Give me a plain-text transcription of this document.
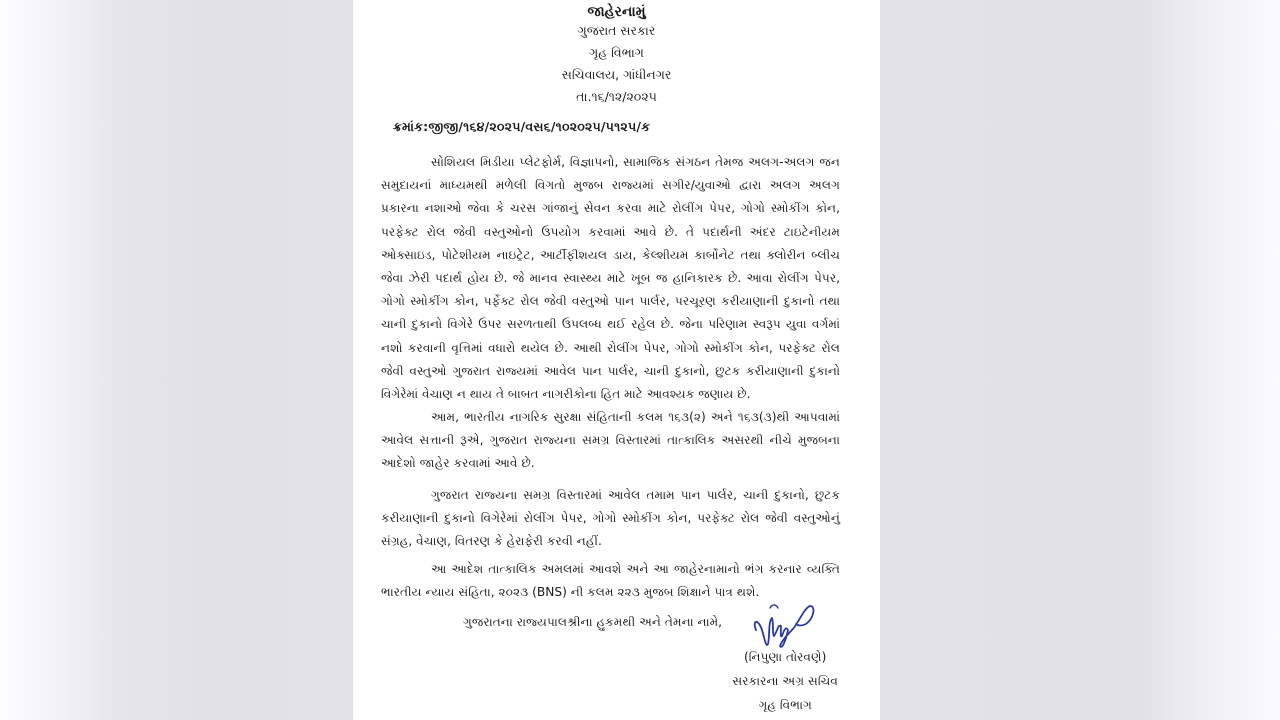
જાહેરનામું
ગુજરાત સરકાર
ગૃહ વિભાગ
સચિવાલય, ગાંધીનગર
તા.૧૬/૧૨/૨૦૨૫
ક્રમાંક:જીજી/૧૬૪/૨૦૨૫/વસ૬/૧૦૨૦૨૫/૫૧૨૫/ક
સોશિયલ મિડીયા પ્લેટફોર્મ, વિજ્ઞાપનો, સામાજિક સંગઠન તેમજ અલગ-અલગ જન
સમુદાયનાં માધ્યમથી મળેલી વિગતો મુજબ રાજ્યમાં સગીર/યુવાઓ દ્વારા અલગ અલગ
પ્રકારના નશાઓ જેવા કે ચરસ ગાંજાનું સેવન કરવા માટે રોલીંગ પેપર, ગોગો સ્મોકીંગ કોન,
પરફેક્ટ રોલ જેવી વસ્તુઓનો ઉપયોગ કરવામાં આવે છે. તે પદાર્થની અંદર ટાઇટેનીયમ
ઓક્સાઇડ, પોટેશીયમ નાઇટ્રેટ, આર્ટીફીશયલ ડાય, કેલ્શીયમ કાર્બોનેટ તથા ક્લોરીન બ્લીચ
જેવા ઝેરી પદાર્થ હોય છે. જે માનવ સ્વાસ્થ્ય માટે ખૂબ જ હાનિકારક છે. આવા રોલીંગ પેપર,
ગોગો સ્મોકીંગ કોન, પર્ફેક્ટ રોલ જેવી વસ્તુઓ પાન પાર્લર, પરચૂરણ કરીયાણાની દુકાનો તથા
ચાની દુકાનો વિગેરે ઉપર સરળતાથી ઉપલબ્ધ થઈ રહેલ છે. જેના પરિણામ સ્વરૂપ યુવા વર્ગમાં
નશો કરવાની વૃત્તિમાં વધારો થયેલ છે. આથી રોલીંગ પેપર, ગોગો સ્મોકીંગ કોન, પરફેક્ટ રોલ
જેવી વસ્તુઓ ગુજરાત રાજ્યમાં આવેલ પાન પાર્લર, ચાની દુકાનો, છુટક કરીયાણાની દુકાનો
વિગેરેમાં વેચાણ ન થાય તે બાબત નાગરીકોના હિત માટે આવશ્યક જણાય છે.
આમ, ભારતીય નાગરિક સુરક્ષા સંહિતાની કલમ ૧૬૩(૨) અને ૧૬૩(૩)થી આપવામાં
આવેલ સત્તાની રૂએ, ગુજરાત રાજ્યના સમગ્ર વિસ્તારમાં તાત્કાલિક અસરથી નીચે મુજબના
આદેશો જાહેર કરવામાં આવે છે.
ગુજરાત રાજ્યના સમગ્ર વિસ્તારમાં આવેલ તમામ પાન પાર્લર, ચાની દુકાનો, છુટક
કરીયાણાની દુકાનો વિગેરેમાં રોલીંગ પેપર, ગોગો સ્મોકીંગ કોન, પરફેક્ટ રોલ જેવી વસ્તુઓનું
સંગ્રહ, વેચાણ, વિતરણ કે હેરાફેરી કરવી નહીં.
આ આદેશ તાત્કાલિક અમલમાં આવશે અને આ જાહેરનામાનો ભંગ કરનાર વ્યક્તિ
ભારતીય ન્યાય સંહિતા, ૨૦૨૩ (BNS) ની કલમ ૨૨૩ મુજબ શિક્ષાને પાત્ર થશે.
ગુજરાતના રાજ્યપાલશ્રીના હુકમથી અને તેમના નામે,
(નિપુણા તોરવણે)
સરકારના અગ્ર સચિવ
ગૃહ વિભાગ
